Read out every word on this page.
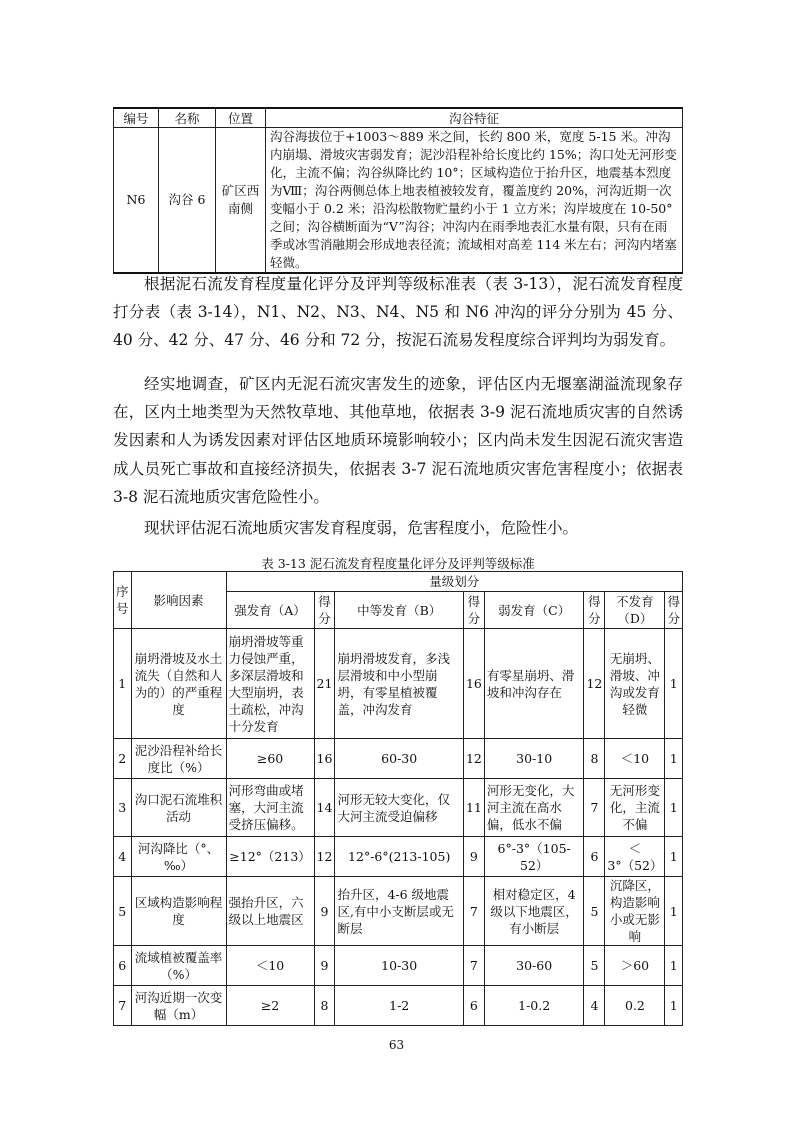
编号	名称	位置	沟谷特征
N6	沟谷 6	矿区西南侧	沟谷海拔位于+1003～889 米之间，长约 800 米，宽度 5-15 米。冲沟内崩塌、滑坡灾害弱发育；泥沙沿程补给长度比约 15%；沟口处无河形变化，主流不偏；沟谷纵降比约 10°；区域构造位于抬升区，地震基本烈度为Ⅷ；沟谷两侧总体上地表植被较发育，覆盖度约 20%，河沟近期一次变幅小于 0.2 米；沿沟松散物贮量约小于 1 立方米；沟岸坡度在 10-50°之间；沟谷横断面为“V”沟谷；冲沟内在雨季地表汇水量有限，只有在雨季或冰雪消融期会形成地表径流；流域相对高差 114 米左右；河沟内堵塞轻微。

根据泥石流发育程度量化评分及评判等级标准表（表 3-13），泥石流发育程度打分表（表 3-14），N1、N2、N3、N4、N5 和 N6 冲沟的评分分别为 45 分、40 分、42 分、47 分、46 分和 72 分，按泥石流易发程度综合评判均为弱发育。

经实地调查，矿区内无泥石流灾害发生的迹象，评估区内无堰塞湖溢流现象存在，区内土地类型为天然牧草地、其他草地，依据表 3-9 泥石流地质灾害的自然诱发因素和人为诱发因素对评估区地质环境影响较小；区内尚未发生因泥石流灾害造成人员死亡事故和直接经济损失，依据表 3-7 泥石流地质灾害危害程度小；依据表 3-8 泥石流地质灾害危险性小。

现状评估泥石流地质灾害发育程度弱，危害程度小，危险性小。

表 3-13 泥石流发育程度量化评分及评判等级标准

序号	影响因素	量级划分							
		强发育（A）	得分	中等发育（B）	得分	弱发育（C）	得分	不发育（D）	得分
1	崩坍滑坡及水土流失（自然和人为的）的严重程度	崩坍滑坡等重力侵蚀严重，多深层滑坡和大型崩坍，表土疏松，冲沟十分发育	21	崩坍滑坡发育，多浅层滑坡和中小型崩坍，有零星植被覆盖，冲沟发育	16	有零星崩坍、滑坡和冲沟存在	12	无崩坍、滑坡、冲沟或发育轻微	1
2	泥沙沿程补给长度比（%）	≥60	16	60-30	12	30-10	8	＜10	1
3	沟口泥石流堆积活动	河形弯曲或堵塞，大河主流受挤压偏移。	14	河形无较大变化，仅大河主流受迫偏移	11	河形无变化，大河主流在高水偏，低水不偏	7	无河形变化，主流不偏	1
4	河沟降比（°、‰）	≥12°（213）	12	12°-6°(213-105)	9	6°-3°（105-52）	6	＜3°（52）	1
5	区域构造影响程度	强抬升区，六级以上地震区	9	抬升区，4-6 级地震区,有中小支断层或无断层	7	相对稳定区，4级以下地震区，有小断层	5	沉降区，构造影响小或无影响	1
6	流域植被覆盖率（%）	＜10	9	10-30	7	30-60	5	＞60	1
7	河沟近期一次变幅（m）	≥2	8	1-2	6	1-0.2	4	0.2	1
63
